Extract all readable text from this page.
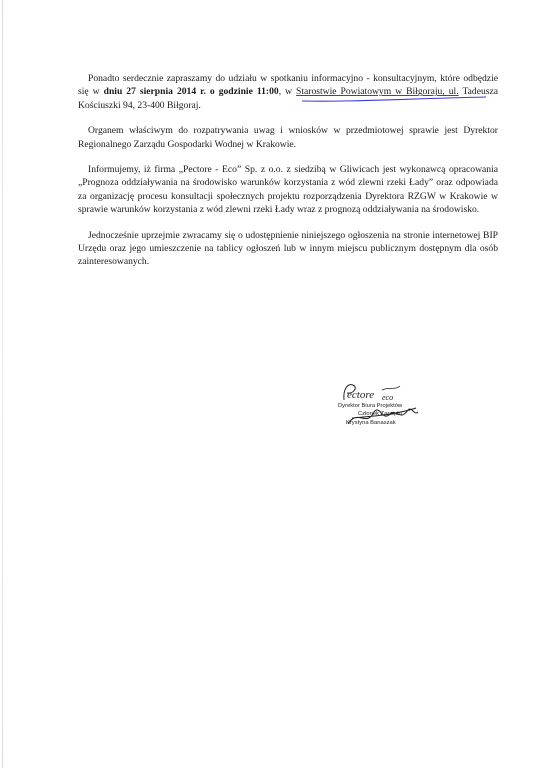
Ponadto serdecznie zapraszamy do udziału w spotkaniu informacyjno - konsultacyjnym, które odbędzie się w dniu 27 sierpnia 2014 r. o godzinie 11:00, w Starostwie Powiatowym w Biłgoraju, ul. Tadeusza Kościuszki 94, 23-400 Biłgoraj.

Organem właściwym do rozpatrywania uwag i wniosków w przedmiotowej sprawie jest Dyrektor Regionalnego Zarządu Gospodarki Wodnej w Krakowie.

Informujemy, iż firma „Pectore - Eco” Sp. z o.o. z siedzibą w Gliwicach jest wykonawcą opracowania „Prognoza oddziaływania na środowisko warunków korzystania z wód zlewni rzeki Łady” oraz odpowiada za organizację procesu konsultacji społecznych projektu rozporządzenia Dyrektora RZGW w Krakowie w sprawie warunków korzystania z wód zlewni rzeki Łady wraz z prognozą oddziaływania na środowisko.

Jednocześnie uprzejmie zwracamy się o udostępnienie niniejszego ogłoszenia na stronie internetowej BIP Urzędu oraz jego umieszczenie na tablicy ogłoszeń lub w innym miejscu publicznym dostępnym dla osób zainteresowanych.

ectore eco
Dyrektor Biura Projektów
Członek Zarządu
Krystyna Banaszak
